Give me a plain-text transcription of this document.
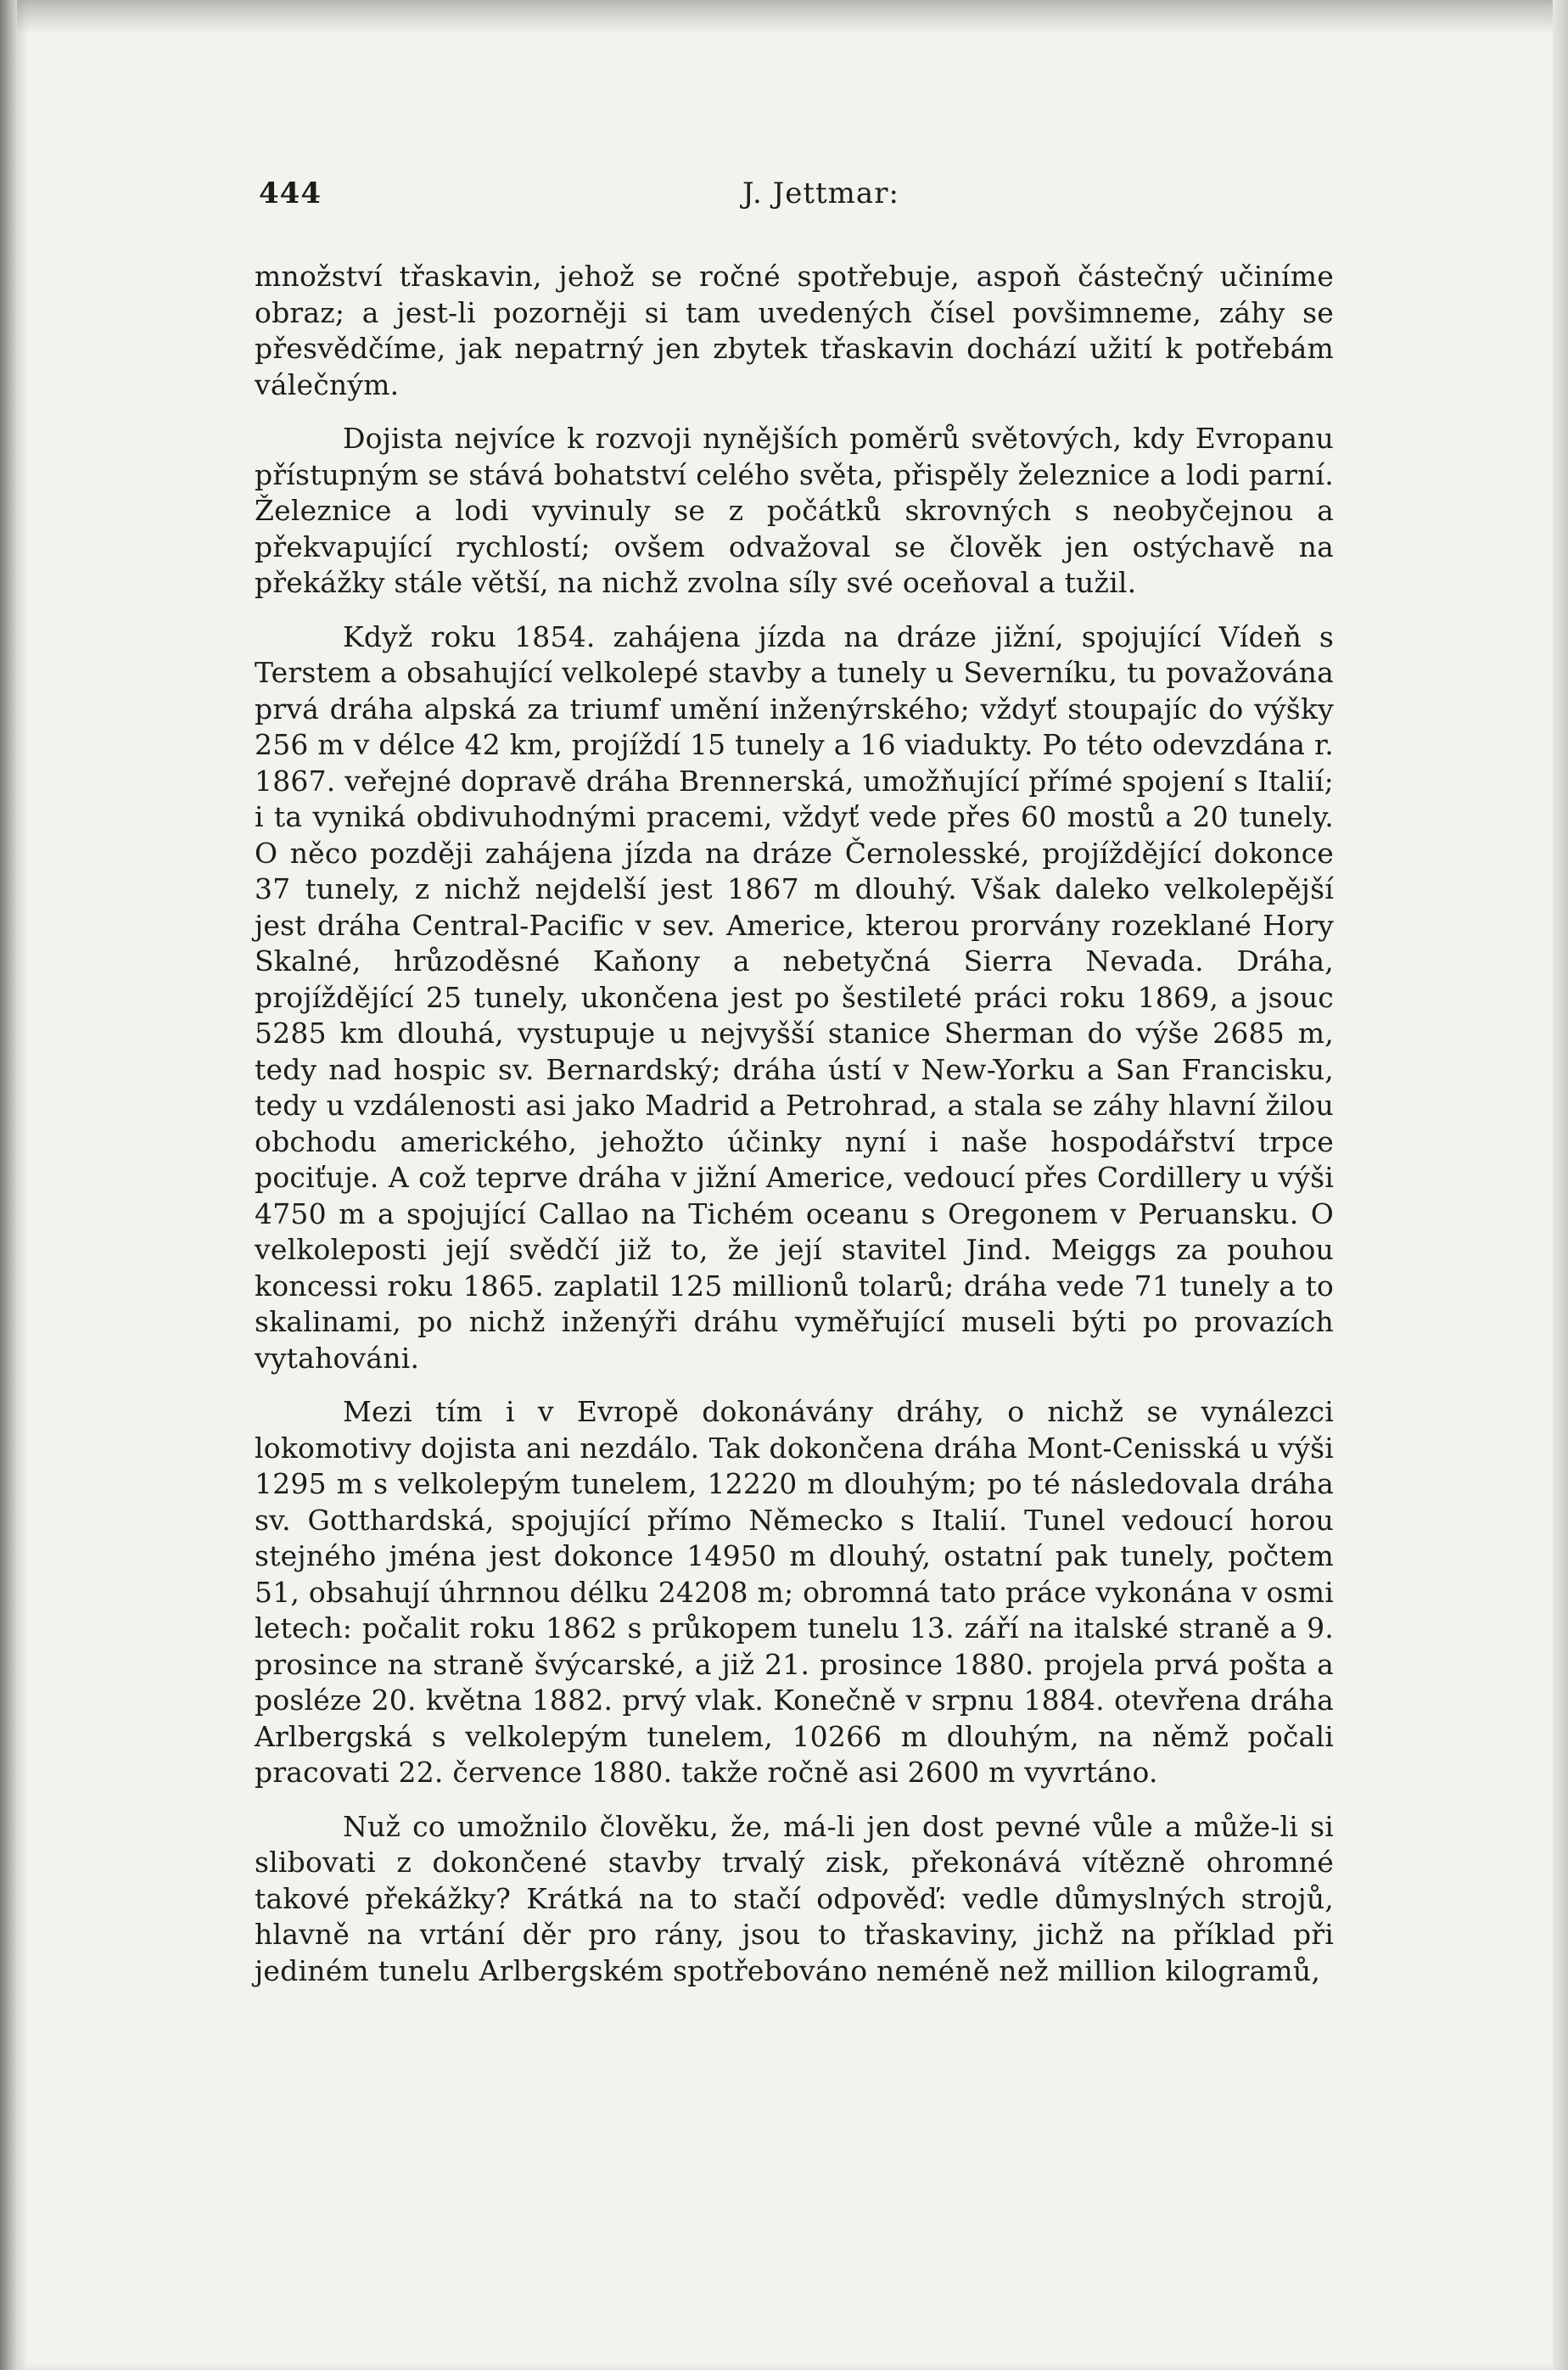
444	J. Jettmar:

množství třaskavin, jehož se ročné spotřebuje, aspoň částečný učiníme obraz; a jest-li pozorněji si tam uvedených čísel povšimneme, záhy se přesvědčíme, jak nepatrný jen zbytek třaskavin dochází užití k potřebám válečným.

Dojista nejvíce k rozvoji nynějších poměrů světových, kdy Evropanu přístupným se stává bohatství celého světa, přispěly železnice a lodi parní. Železnice a lodi vyvinuly se z počátků skrovných s neobyčejnou a překvapující rychlostí; ovšem odvažoval se člověk jen ostýchavě na překážky stále větší, na nichž zvolna síly své oceňoval a tužil.

Když roku 1854. zahájena jízda na dráze jižní, spojující Vídeň s Terstem a obsahující velkolepé stavby a tunely u Severníku, tu považována prvá dráha alpská za triumf umění inženýrského; vždyť stoupajíc do výšky 256 m v délce 42 km, projíždí 15 tunely a 16 viadukty. Po této odevzdána r. 1867. veřejné dopravě dráha Brennerská, umožňující přímé spojení s Italií; i ta vyniká obdivuhodnými pracemi, vždyť vede přes 60 mostů a 20 tunely. O něco později zahájena jízda na dráze Černolesské, projíždějící dokonce 37 tunely, z nichž nejdelší jest 1867 m dlouhý. Však daleko velkolepější jest dráha Central-Pacific v sev. Americe, kterou prorvány rozeklané Hory Skalné, hrůzoděsné Kaňony a nebetyčná Sierra Nevada. Dráha, projíždějící 25 tunely, ukončena jest po šestileté práci roku 1869, a jsouc 5285 km dlouhá, vystupuje u nejvyšší stanice Sherman do výše 2685 m, tedy nad hospic sv. Bernardský; dráha ústí v New-Yorku a San Francisku, tedy u vzdálenosti asi jako Madrid a Petrohrad, a stala se záhy hlavní žilou obchodu amerického, jehožto účinky nyní i naše hospodářství trpce pociťuje. A což teprve dráha v jižní Americe, vedoucí přes Cordillery u výši 4750 m a spojující Callao na Tichém oceanu s Oregonem v Peruansku. O velkoleposti její svědčí již to, že její stavitel Jind. Meiggs za pouhou koncessi roku 1865. zaplatil 125 millionů tolarů; dráha vede 71 tunely a to skalinami, po nichž inženýři dráhu vyměřující museli býti po provazích vytahováni.

Mezi tím i v Evropě dokonávány dráhy, o nichž se vynálezci lokomotivy dojista ani nezdálo. Tak dokončena dráha Mont-Cenisská u výši 1295 m s velkolepým tunelem, 12220 m dlouhým; po té následovala dráha sv. Gotthardská, spojující přímo Německo s Italií. Tunel vedoucí horou stejného jména jest dokonce 14950 m dlouhý, ostatní pak tunely, počtem 51, obsahují úhrnnou délku 24208 m; obromná tato práce vykonána v osmi letech: počalit roku 1862 s průkopem tunelu 13. září na italské straně a 9. prosince na straně švýcarské, a již 21. prosince 1880. projela prvá pošta a posléze 20. května 1882. prvý vlak. Konečně v srpnu 1884. otevřena dráha Arlbergská s velkolepým tunelem, 10266 m dlouhým, na němž počali pracovati 22. července 1880. takže ročně asi 2600 m vyvrtáno.

Nuž co umožnilo člověku, že, má-li jen dost pevné vůle a může-li si slibovati z dokončené stavby trvalý zisk, překonává vítězně ohromné takové překážky? Krátká na to stačí odpověď: vedle důmyslných strojů, hlavně na vrtání děr pro rány, jsou to třaskaviny, jichž na příklad při jediném tunelu Arlbergském spotřebováno neméně než million kilogramů,
